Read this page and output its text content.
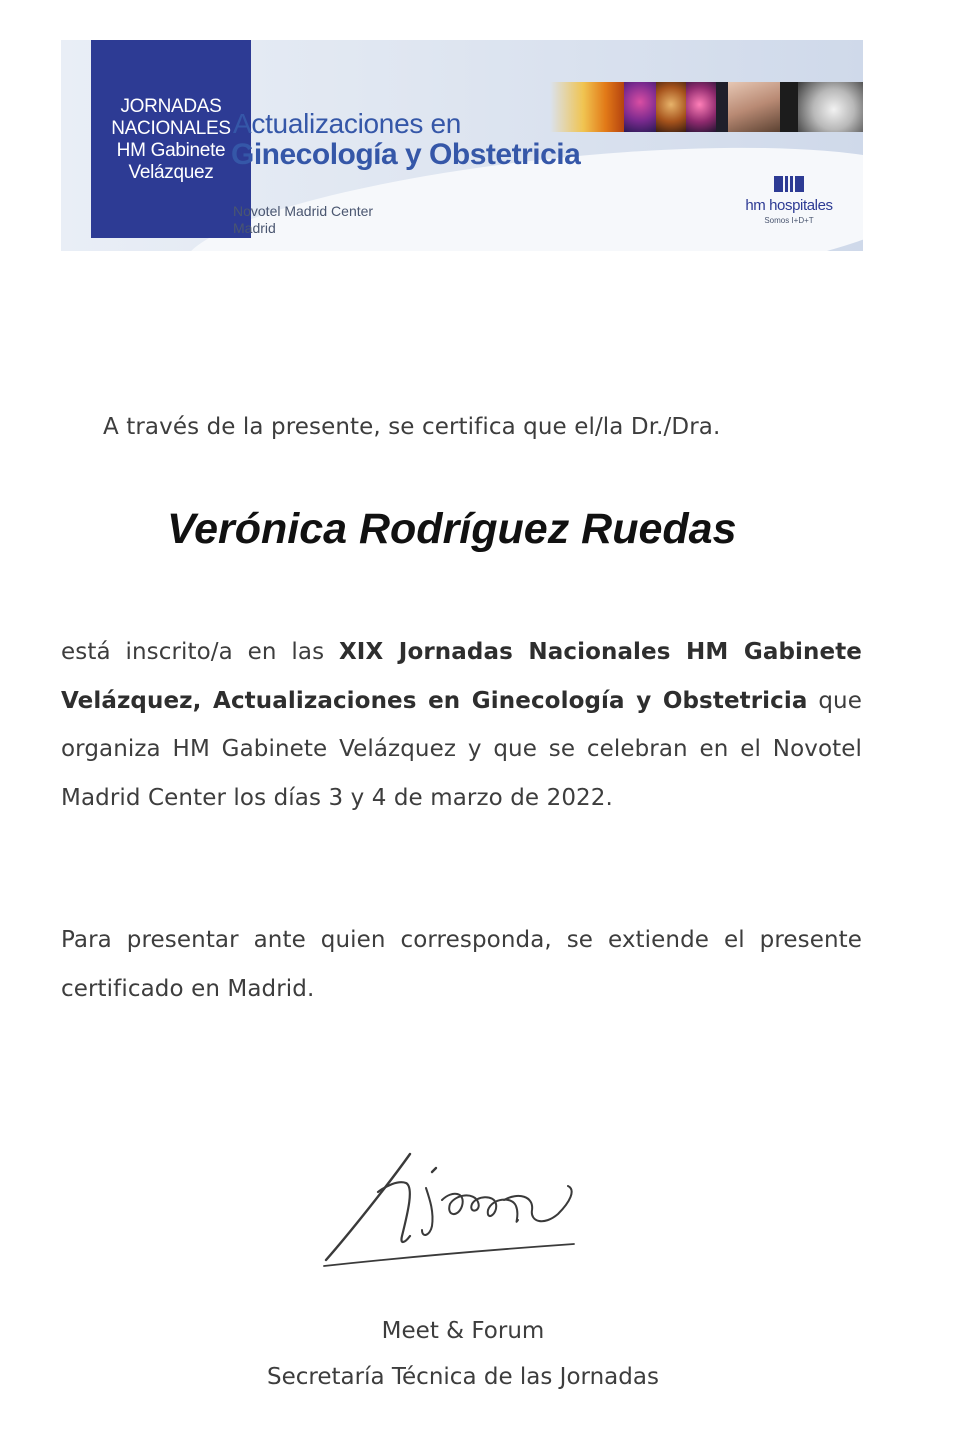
JORNADAS
NACIONALES
HM Gabinete
Velázquez
Actualizaciones en
Ginecología y Obstetricia
Novotel Madrid Center
Madrid
hm hospitales
Somos I+D+T
A través de la presente, se certifica que el/la Dr./Dra.
Verónica Rodríguez Ruedas

está inscrito/a en las XIX Jornadas Nacionales HM Gabinete Velázquez, Actualizaciones en Ginecología y Obstetricia que organiza HM Gabinete Velázquez y que se celebran en el Novotel Madrid Center los días 3 y 4 de marzo de 2022.

Para presentar ante quien corresponda, se extiende el presente certificado en Madrid.

Meet & Forum
Secretaría Técnica de las Jornadas
